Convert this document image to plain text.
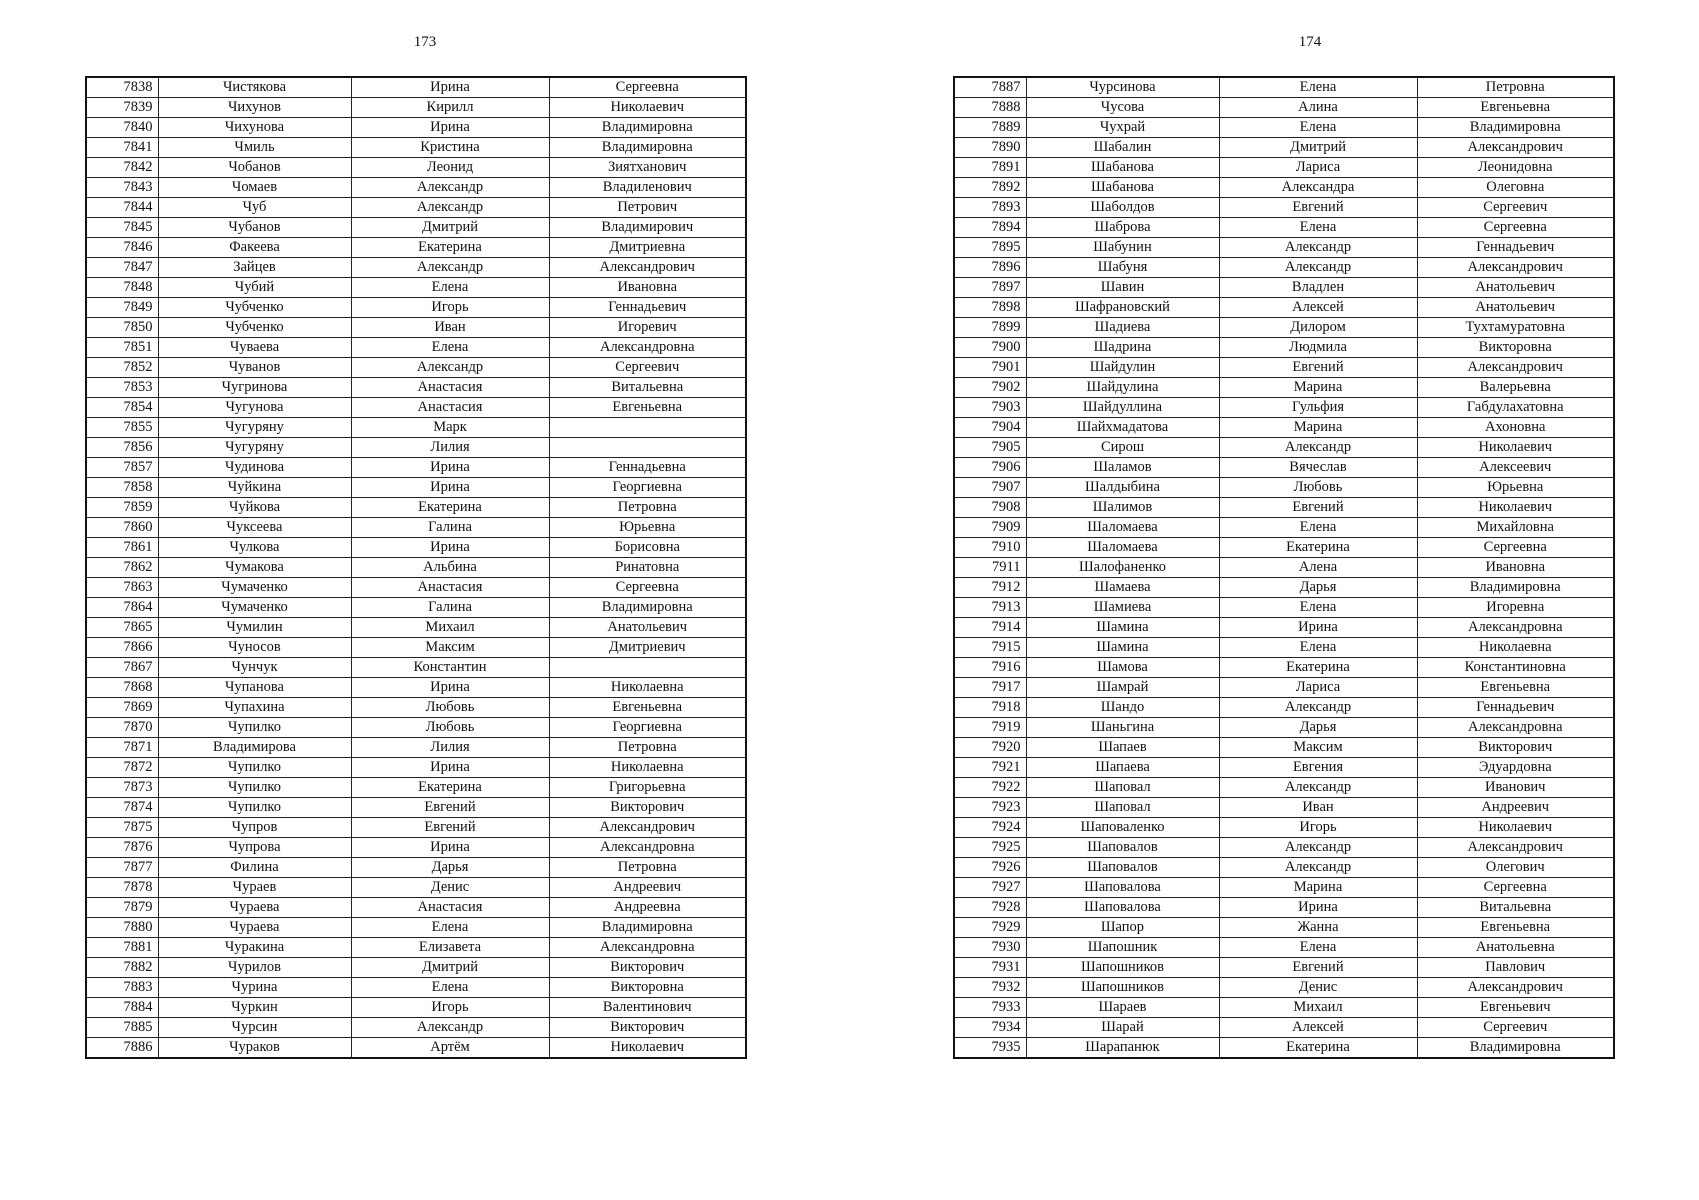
173	174
7838	Чистякова	Ирина	Сергеевна
7839	Чихунов	Кирилл	Николаевич
7840	Чихунова	Ирина	Владимировна
7841	Чмиль	Кристина	Владимировна
7842	Чобанов	Леонид	Зиятханович
7843	Чомаев	Александр	Владиленович
7844	Чуб	Александр	Петрович
7845	Чубанов	Дмитрий	Владимирович
7846	Факеева	Екатерина	Дмитриевна
7847	Зайцев	Александр	Александрович
7848	Чубий	Елена	Ивановна
7849	Чубченко	Игорь	Геннадьевич
7850	Чубченко	Иван	Игоревич
7851	Чуваева	Елена	Александровна
7852	Чуванов	Александр	Сергеевич
7853	Чугринова	Анастасия	Витальевна
7854	Чугунова	Анастасия	Евгеньевна
7855	Чугуряну	Марк	
7856	Чугуряну	Лилия	
7857	Чудинова	Ирина	Геннадьевна
7858	Чуйкина	Ирина	Георгиевна
7859	Чуйкова	Екатерина	Петровна
7860	Чуксеева	Галина	Юрьевна
7861	Чулкова	Ирина	Борисовна
7862	Чумакова	Альбина	Ринатовна
7863	Чумаченко	Анастасия	Сергеевна
7864	Чумаченко	Галина	Владимировна
7865	Чумилин	Михаил	Анатольевич
7866	Чуносов	Максим	Дмитриевич
7867	Чунчук	Константин	
7868	Чупанова	Ирина	Николаевна
7869	Чупахина	Любовь	Евгеньевна
7870	Чупилко	Любовь	Георгиевна
7871	Владимирова	Лилия	Петровна
7872	Чупилко	Ирина	Николаевна
7873	Чупилко	Екатерина	Григорьевна
7874	Чупилко	Евгений	Викторович
7875	Чупров	Евгений	Александрович
7876	Чупрова	Ирина	Александровна
7877	Филина	Дарья	Петровна
7878	Чураев	Денис	Андреевич
7879	Чураева	Анастасия	Андреевна
7880	Чураева	Елена	Владимировна
7881	Чуракина	Елизавета	Александровна
7882	Чурилов	Дмитрий	Викторович
7883	Чурина	Елена	Викторовна
7884	Чуркин	Игорь	Валентинович
7885	Чурсин	Александр	Викторович
7886	Чураков	Артём	Николаевич
7887	Чурсинова	Елена	Петровна
7888	Чусова	Алина	Евгеньевна
7889	Чухрай	Елена	Владимировна
7890	Шабалин	Дмитрий	Александрович
7891	Шабанова	Лариса	Леонидовна
7892	Шабанова	Александра	Олеговна
7893	Шаболдов	Евгений	Сергеевич
7894	Шаброва	Елена	Сергеевна
7895	Шабунин	Александр	Геннадьевич
7896	Шабуня	Александр	Александрович
7897	Шавин	Владлен	Анатольевич
7898	Шафрановский	Алексей	Анатольевич
7899	Шадиева	Дилором	Тухтамуратовна
7900	Шадрина	Людмила	Викторовна
7901	Шайдулин	Евгений	Александрович
7902	Шайдулина	Марина	Валерьевна
7903	Шайдуллина	Гульфия	Габдулахатовна
7904	Шайхмадатова	Марина	Ахоновна
7905	Сирош	Александр	Николаевич
7906	Шаламов	Вячеслав	Алексеевич
7907	Шалдыбина	Любовь	Юрьевна
7908	Шалимов	Евгений	Николаевич
7909	Шаломаева	Елена	Михайловна
7910	Шаломаева	Екатерина	Сергеевна
7911	Шалофаненко	Алена	Ивановна
7912	Шамаева	Дарья	Владимировна
7913	Шамиева	Елена	Игоревна
7914	Шамина	Ирина	Александровна
7915	Шамина	Елена	Николаевна
7916	Шамова	Екатерина	Константиновна
7917	Шамрай	Лариса	Евгеньевна
7918	Шандо	Александр	Геннадьевич
7919	Шаньгина	Дарья	Александровна
7920	Шапаев	Максим	Викторович
7921	Шапаева	Евгения	Эдуардовна
7922	Шаповал	Александр	Иванович
7923	Шаповал	Иван	Андреевич
7924	Шаповаленко	Игорь	Николаевич
7925	Шаповалов	Александр	Александрович
7926	Шаповалов	Александр	Олегович
7927	Шаповалова	Марина	Сергеевна
7928	Шаповалова	Ирина	Витальевна
7929	Шапор	Жанна	Евгеньевна
7930	Шапошник	Елена	Анатольевна
7931	Шапошников	Евгений	Павлович
7932	Шапошников	Денис	Александрович
7933	Шараев	Михаил	Евгеньевич
7934	Шарай	Алексей	Сергеевич
7935	Шарапанюк	Екатерина	Владимировна
